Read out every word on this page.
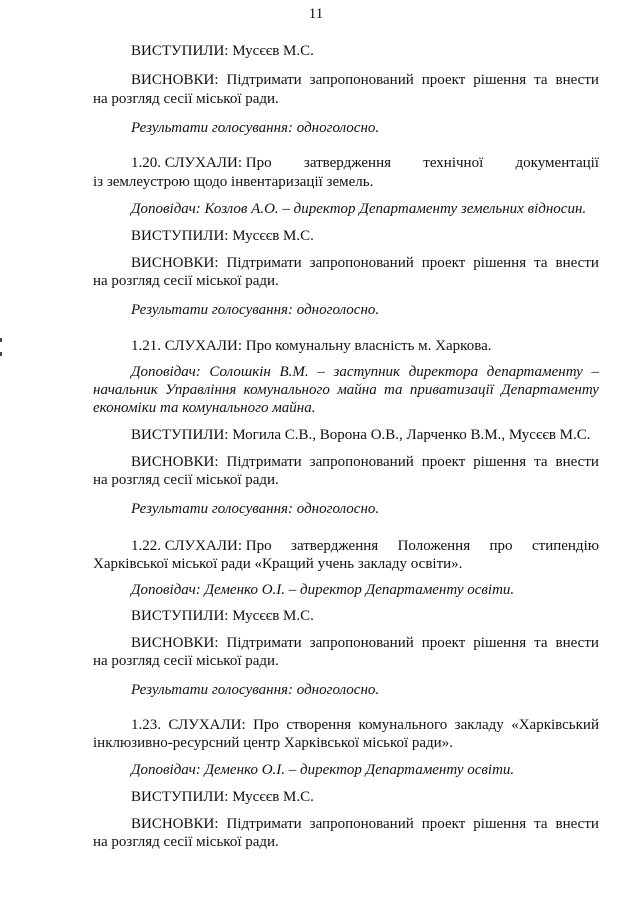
11
ВИСТУПИЛИ: Мусєєв М.С.
ВИСНОВКИ: Підтримати запропонований проект рішення та внести
на розгляд сесії міської ради.
Результати голосування: одноголосно.
1.20. СЛУХАЛИ: Про затвердження технічної документації
із землеустрою щодо інвентаризації земель.
Доповідач: Козлов А.О. – директор Департаменту земельних відносин.
ВИСТУПИЛИ: Мусєєв М.С.
ВИСНОВКИ: Підтримати запропонований проект рішення та внести
на розгляд сесії міської ради.
Результати голосування: одноголосно.
1.21. СЛУХАЛИ: Про комунальну власність м. Харкова.
Доповідач: Солошкін В.М. – заступник директора департаменту –
начальник Управління комунального майна та приватизації Департаменту
економіки та комунального майна.
ВИСТУПИЛИ: Могила С.В., Ворона О.В., Ларченко В.М., Мусєєв М.С.
ВИСНОВКИ: Підтримати запропонований проект рішення та внести
на розгляд сесії міської ради.
Результати голосування: одноголосно.
1.22. СЛУХАЛИ: Про затвердження Положення про стипендію
Харківської міської ради «Кращий учень закладу освіти».
Доповідач: Деменко О.І. – директор Департаменту освіти.
ВИСТУПИЛИ: Мусєєв М.С.
ВИСНОВКИ: Підтримати запропонований проект рішення та внести
на розгляд сесії міської ради.
Результати голосування: одноголосно.
1.23. СЛУХАЛИ: Про створення комунального закладу «Харківський
інклюзивно-ресурсний центр Харківської міської ради».
Доповідач: Деменко О.І. – директор Департаменту освіти.
ВИСТУПИЛИ: Мусєєв М.С.
ВИСНОВКИ: Підтримати запропонований проект рішення та внести
на розгляд сесії міської ради.
